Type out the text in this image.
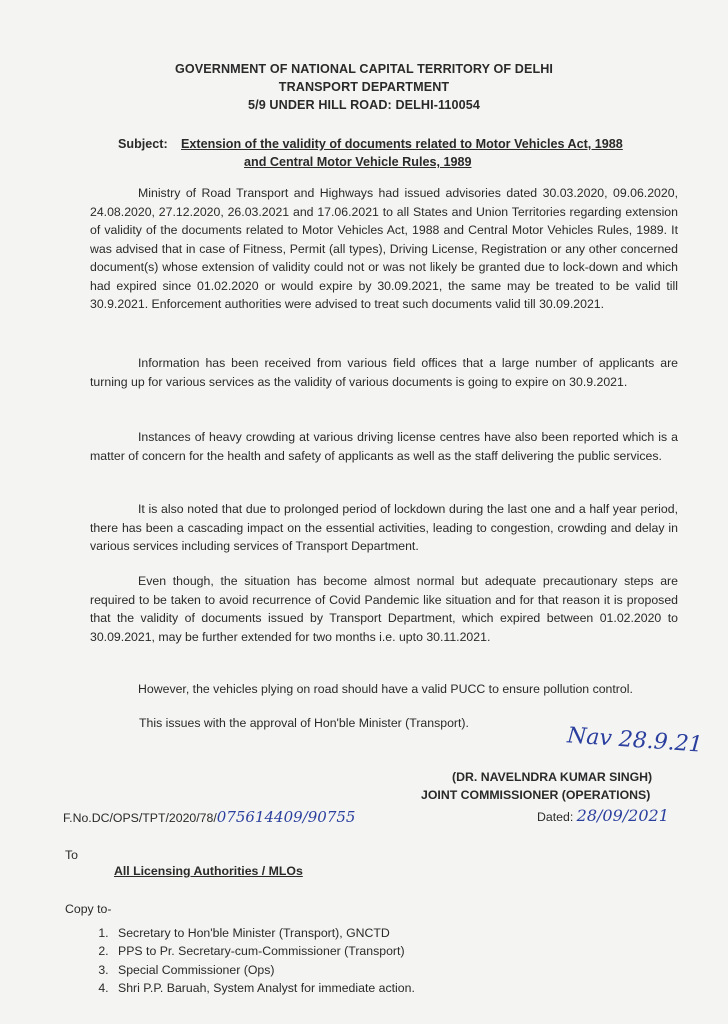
GOVERNMENT OF NATIONAL CAPITAL TERRITORY OF DELHI
TRANSPORT DEPARTMENT
5/9 UNDER HILL ROAD: DELHI-110054
Subject: Extension of the validity of documents related to Motor Vehicles Act, 1988
and Central Motor Vehicle Rules, 1989

Ministry of Road Transport and Highways had issued advisories dated 30.03.2020, 09.06.2020, 24.08.2020, 27.12.2020, 26.03.2021 and 17.06.2021 to all States and Union Territories regarding extension of validity of the documents related to Motor Vehicles Act, 1988 and Central Motor Vehicles Rules, 1989. It was advised that in case of Fitness, Permit (all types), Driving License, Registration or any other concerned document(s) whose extension of validity could not or was not likely be granted due to lock-down and which had expired since 01.02.2020 or would expire by 30.09.2021, the same may be treated to be valid till 30.9.2021. Enforcement authorities were advised to treat such documents valid till 30.09.2021.

Information has been received from various field offices that a large number of applicants are turning up for various services as the validity of various documents is going to expire on 30.9.2021.

Instances of heavy crowding at various driving license centres have also been reported which is a matter of concern for the health and safety of applicants as well as the staff delivering the public services.

It is also noted that due to prolonged period of lockdown during the last one and a half year period, there has been a cascading impact on the essential activities, leading to congestion, crowding and delay in various services including services of Transport Department.

Even though, the situation has become almost normal but adequate precautionary steps are required to be taken to avoid recurrence of Covid Pandemic like situation and for that reason it is proposed that the validity of documents issued by Transport Department, which expired between 01.02.2020 to 30.09.2021, may be further extended for two months i.e. upto 30.11.2021.

However, the vehicles plying on road should have a valid PUCC to ensure pollution control.

This issues with the approval of Hon'ble Minister (Transport).
Nav 28.9.21
(DR. NAVELNDRA KUMAR SINGH)
JOINT COMMISSIONER (OPERATIONS)
F.No.DC/OPS/TPT/2020/78/075614409/90755	Dated: 28/09/2021
To
All Licensing Authorities / MLOs
Copy to-
1. Secretary to Hon'ble Minister (Transport), GNCTD
2. PPS to Pr. Secretary-cum-Commissioner (Transport)
3. Special Commissioner (Ops)
4. Shri P.P. Baruah, System Analyst for immediate action.
